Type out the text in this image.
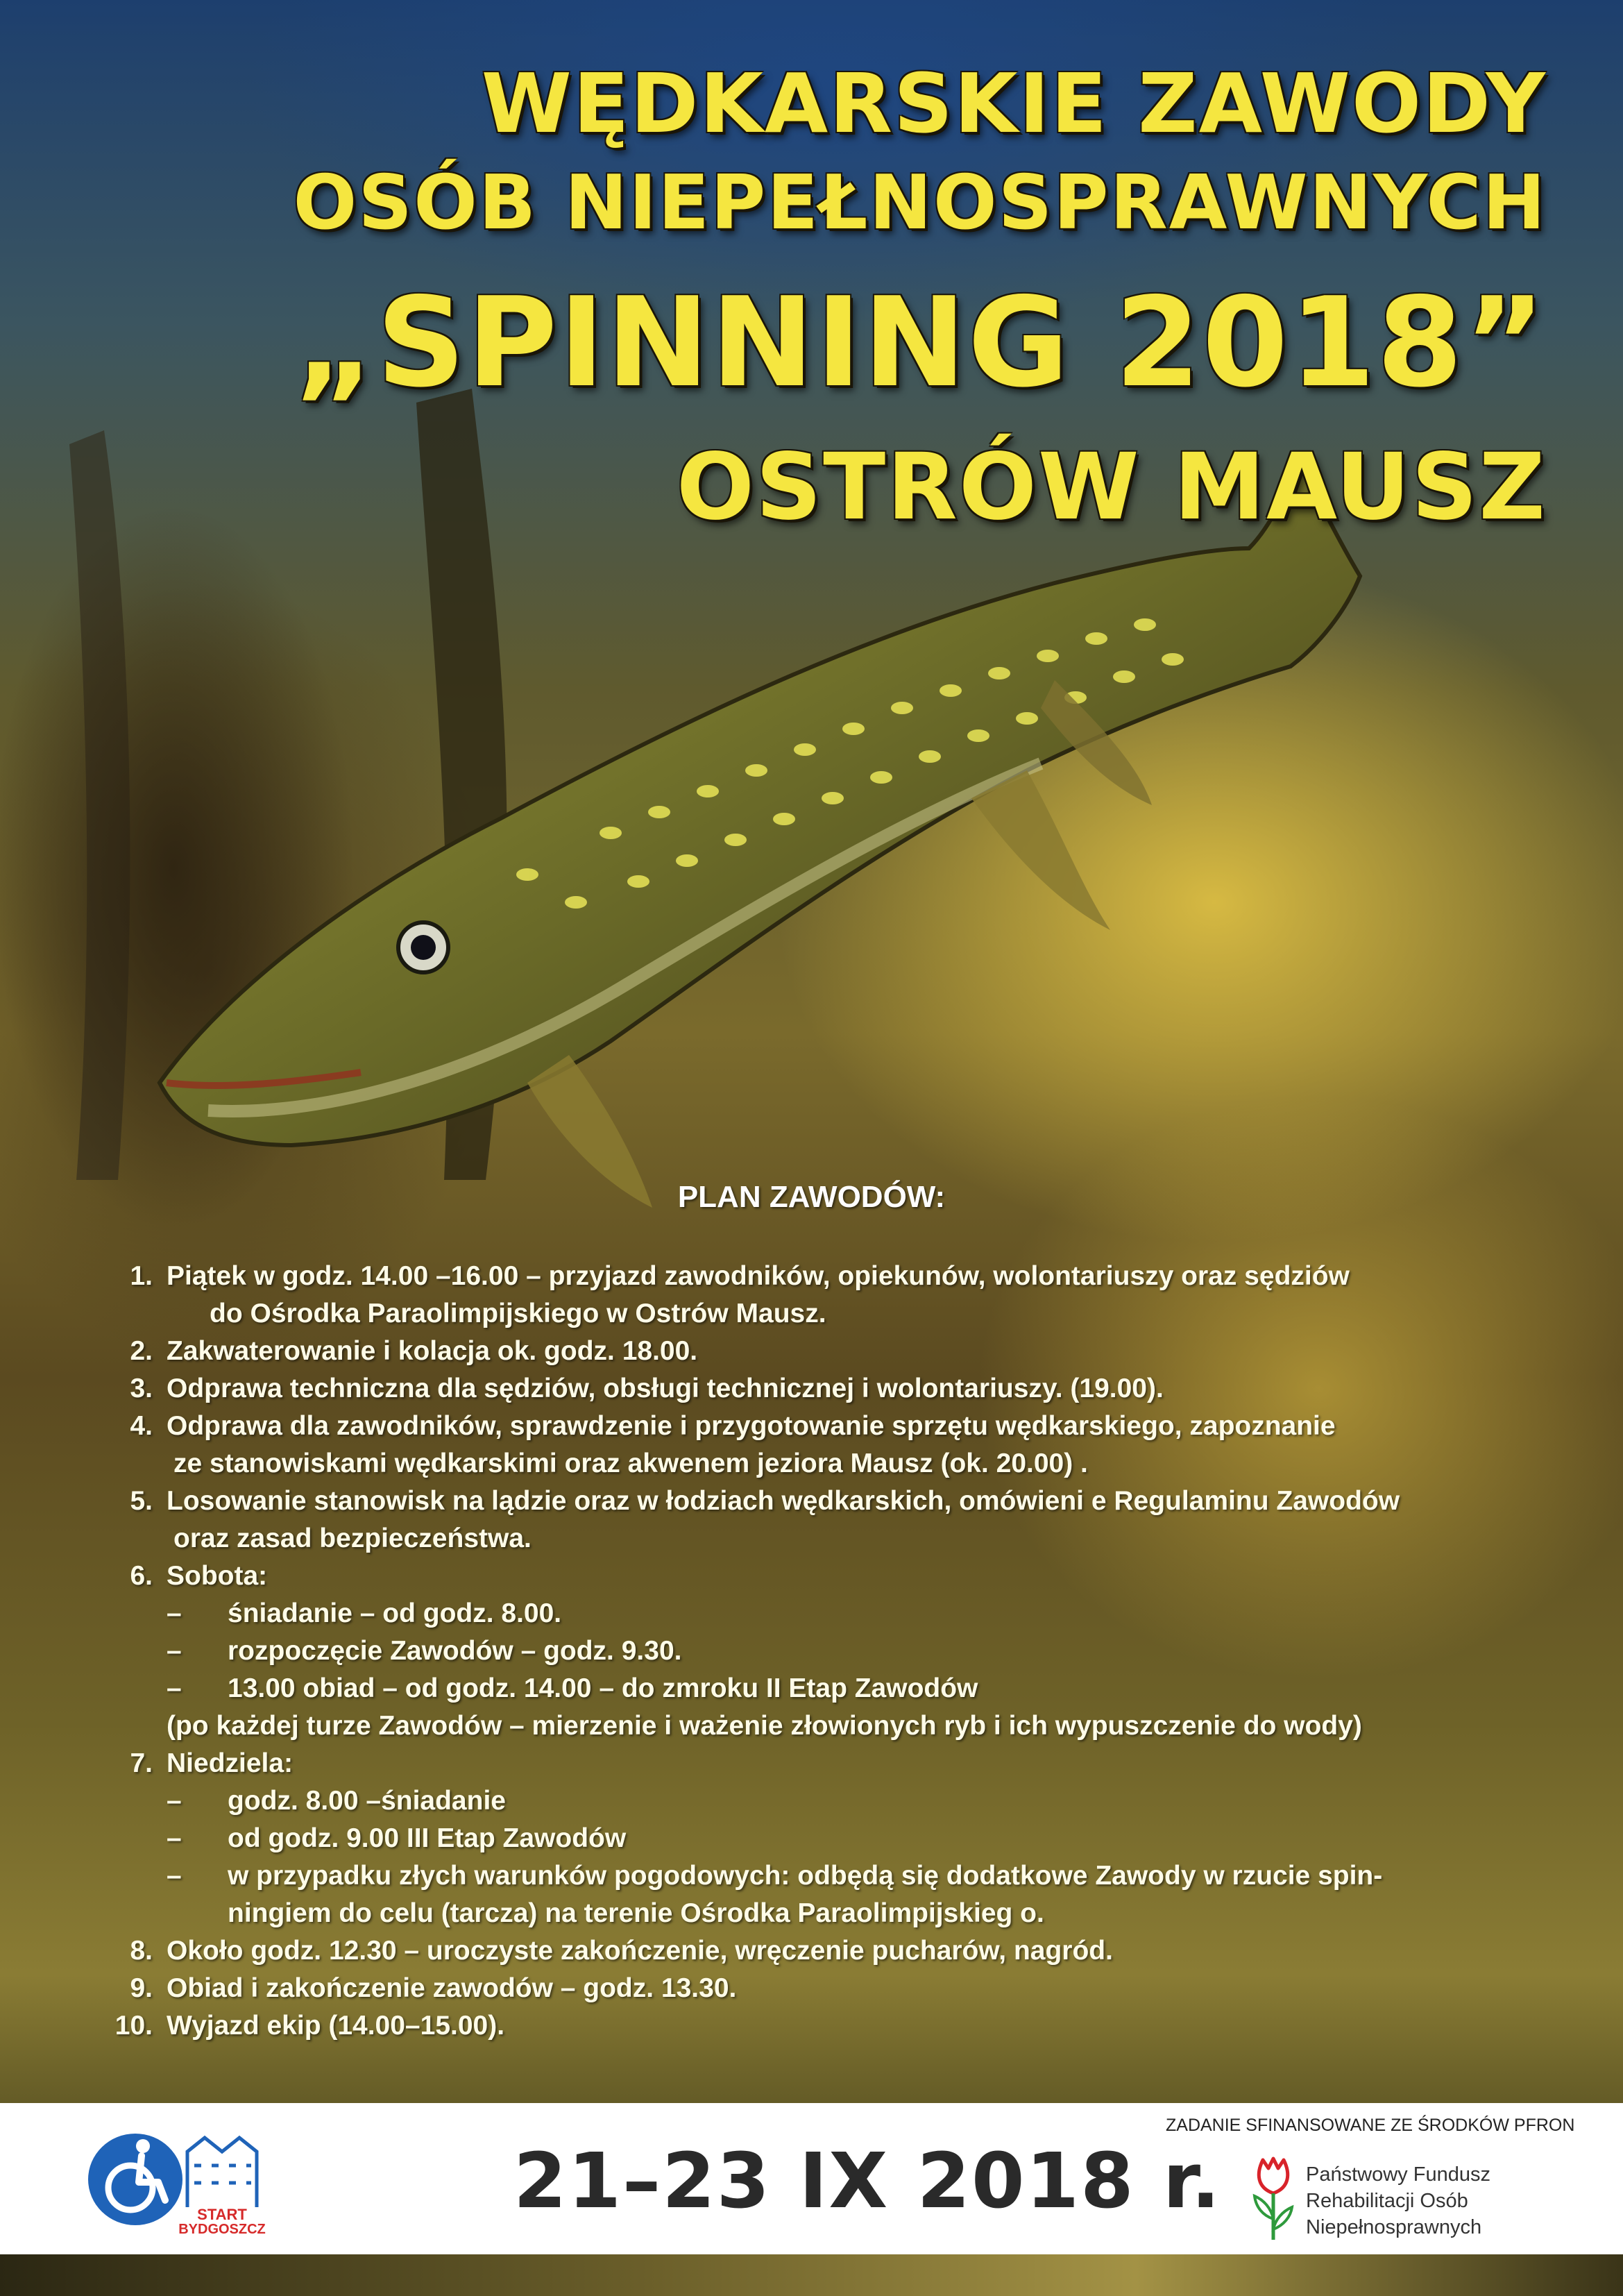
WĘDKARSKIE ZAWODY
OSÓB NIEPEŁNOSPRAWNYCH
„SPINNING 2018”
OSTRÓW MAUSZ
PLAN ZAWODÓW:
1. Piątek w godz. 14.00 –16.00 – przyjazd zawodników, opiekunów, wolontariuszy oraz sędziów
do Ośrodka Paraolimpijskiego w Ostrów Mausz.
2. Zakwaterowanie i kolacja ok. godz. 18.00.
3. Odprawa techniczna dla sędziów, obsługi technicznej i wolontariuszy. (19.00).
4. Odprawa dla zawodników, sprawdzenie i przygotowanie sprzętu wędkarskiego, zapoznanie
ze stanowiskami wędkarskimi oraz akwenem jeziora Mausz (ok. 20.00) .
5. Losowanie stanowisk na lądzie oraz w łodziach wędkarskich, omówieni e Regulaminu Zawodów
oraz zasad bezpieczeństwa.
6. Sobota:
– śniadanie – od godz. 8.00.
– rozpoczęcie Zawodów – godz. 9.30.
– 13.00 obiad – od godz. 14.00 – do zmroku II Etap Zawodów
(po każdej turze Zawodów – mierzenie i ważenie złowionych ryb i ich wypuszczenie do wody)
7. Niedziela:
– godz. 8.00 –śniadanie
– od godz. 9.00 III Etap Zawodów
– w przypadku złych warunków pogodowych: odbędą się dodatkowe Zawody w rzucie spin-
ningiem do celu (tarcza) na terenie Ośrodka Paraolimpijskieg o.
8. Około godz. 12.30 – uroczyste zakończenie, wręczenie pucharów, nagród.
9. Obiad i zakończenie zawodów – godz. 13.30.
10. Wyjazd ekip (14.00–15.00).
START
BYDGOSZCZ
21–23 IX 2018 r.
ZADANIE SFINANSOWANE ZE ŚRODKÓW PFRON
Państwowy Fundusz
Rehabilitacji Osób
Niepełnosprawnych
